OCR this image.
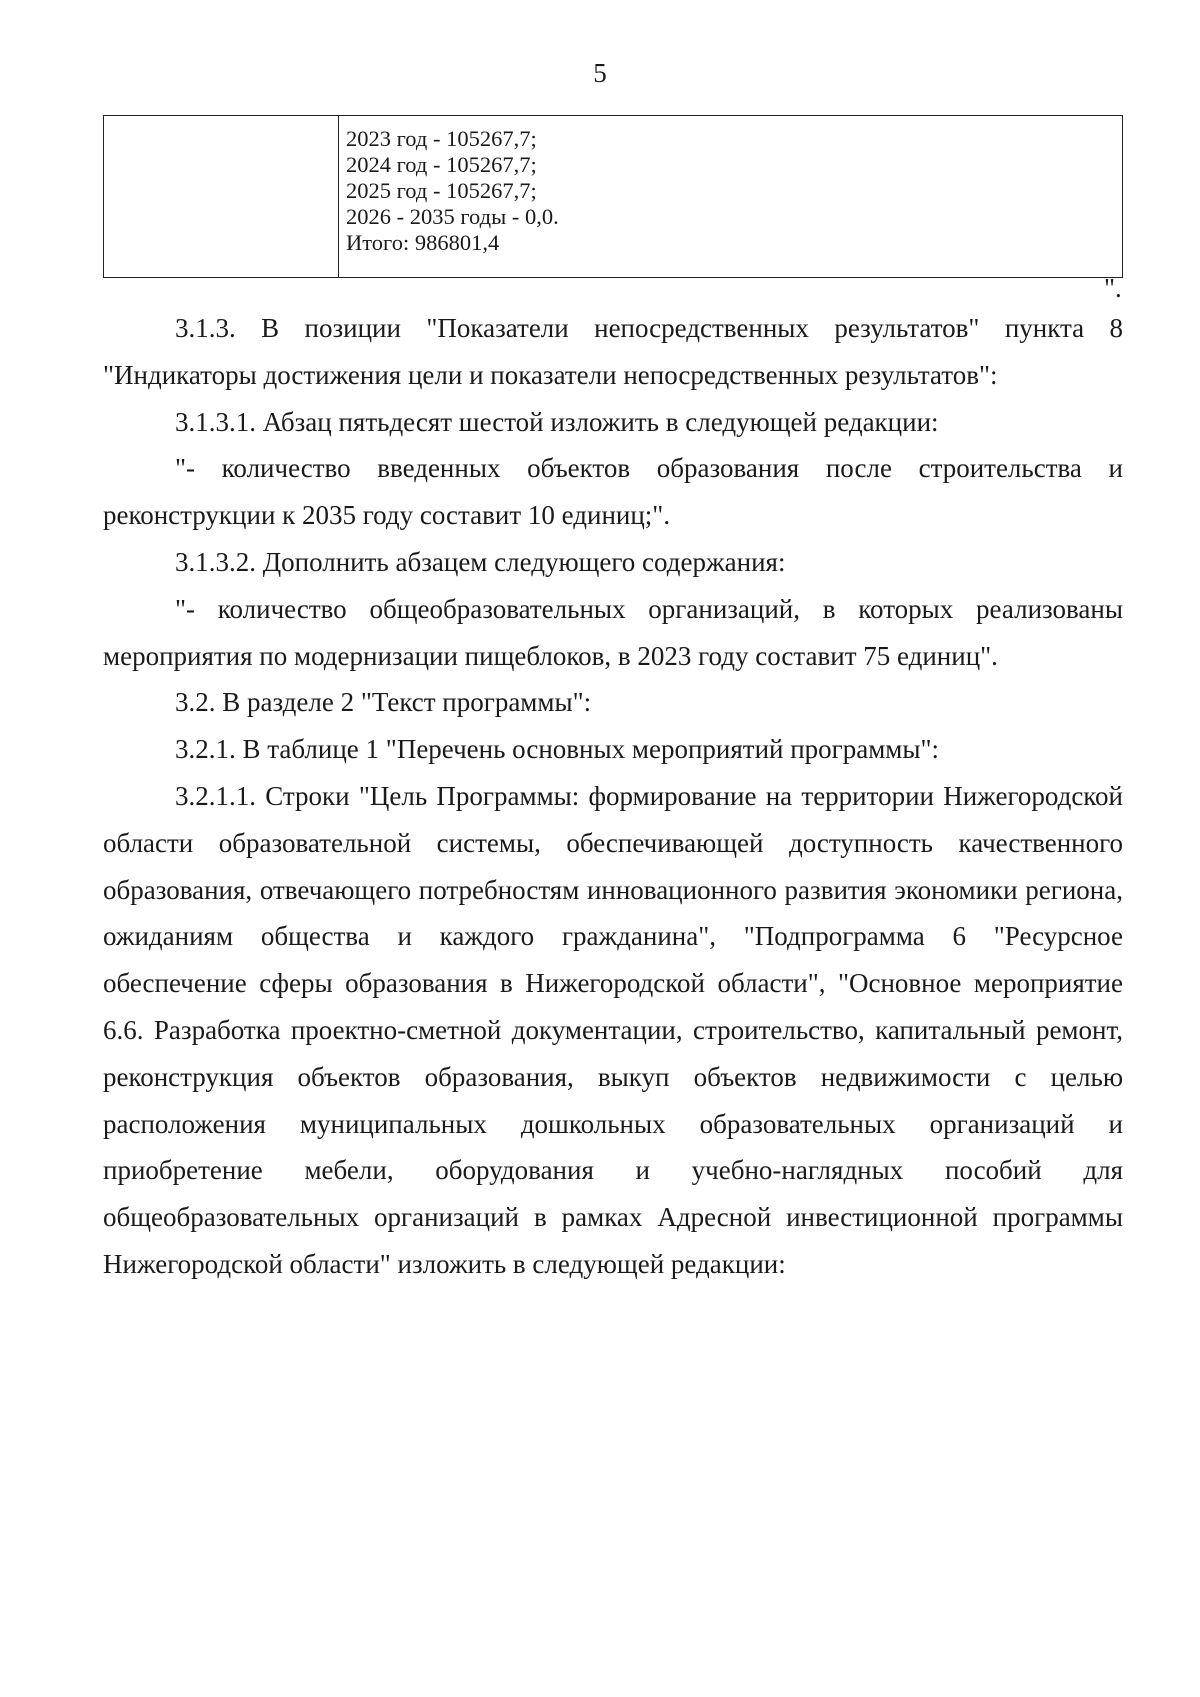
5

2023 год - 105267,7;
2024 год - 105267,7;
2025 год - 105267,7;
2026 - 2035 годы - 0,0.
Итого: 986801,4
".

3.1.3. В позиции "Показатели непосредственных результатов" пункта 8 "Индикаторы достижения цели и показатели непосредственных результатов":

3.1.3.1. Абзац пятьдесят шестой изложить в следующей редакции:

"- количество введенных объектов образования после строительства и реконструкции к 2035 году составит 10 единиц;".

3.1.3.2. Дополнить абзацем следующего содержания:

"- количество общеобразовательных организаций, в которых реализованы мероприятия по модернизации пищеблоков, в 2023 году составит 75 единиц".

3.2. В разделе 2 "Текст программы":

3.2.1. В таблице 1 "Перечень основных мероприятий программы":

3.2.1.1. Строки "Цель Программы: формирование на территории Нижегородской области образовательной системы, обеспечивающей доступность качественного образования, отвечающего потребностям инновационного развития экономики региона, ожиданиям общества и каждого гражданина", "Подпрограмма 6 "Ресурсное обеспечение сферы образования в Нижегородской области", "Основное мероприятие 6.6. Разработка проектно-сметной документации, строительство, капитальный ремонт, реконструкция объектов образования, выкуп объектов недвижимости с целью расположения муниципальных дошкольных образовательных организаций и приобретение мебели, оборудования и учебно-наглядных пособий для общеобразовательных организаций в рамках Адресной инвестиционной программы Нижегородской области" изложить в следующей редакции:
